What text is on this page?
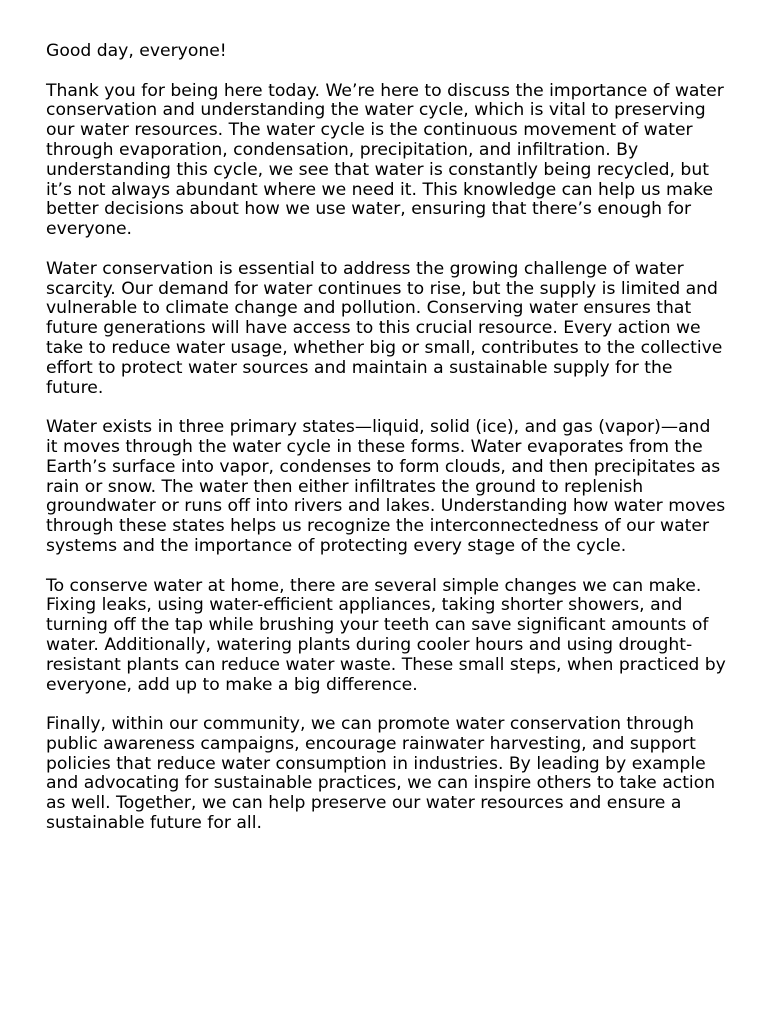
Good day, everyone!

Thank you for being here today. We’re here to discuss the importance of water conservation and understanding the water cycle, which is vital to preserving our water resources. The water cycle is the continuous movement of water through evaporation, condensation, precipitation, and infiltration. By understanding this cycle, we see that water is constantly being recycled, but it’s not always abundant where we need it. This knowledge can help us make better decisions about how we use water, ensuring that there’s enough for everyone.

Water conservation is essential to address the growing challenge of water scarcity. Our demand for water continues to rise, but the supply is limited and vulnerable to climate change and pollution. Conserving water ensures that future generations will have access to this crucial resource. Every action we take to reduce water usage, whether big or small, contributes to the collective effort to protect water sources and maintain a sustainable supply for the future.

Water exists in three primary states—liquid, solid (ice), and gas (vapor)—and it moves through the water cycle in these forms. Water evaporates from the Earth’s surface into vapor, condenses to form clouds, and then precipitates as rain or snow. The water then either infiltrates the ground to replenish groundwater or runs off into rivers and lakes. Understanding how water moves through these states helps us recognize the interconnectedness of our water systems and the importance of protecting every stage of the cycle.

To conserve water at home, there are several simple changes we can make. Fixing leaks, using water-efficient appliances, taking shorter showers, and turning off the tap while brushing your teeth can save significant amounts of water. Additionally, watering plants during cooler hours and using drought-resistant plants can reduce water waste. These small steps, when practiced by everyone, add up to make a big difference.

Finally, within our community, we can promote water conservation through public awareness campaigns, encourage rainwater harvesting, and support policies that reduce water consumption in industries. By leading by example and advocating for sustainable practices, we can inspire others to take action as well. Together, we can help preserve our water resources and ensure a sustainable future for all.
